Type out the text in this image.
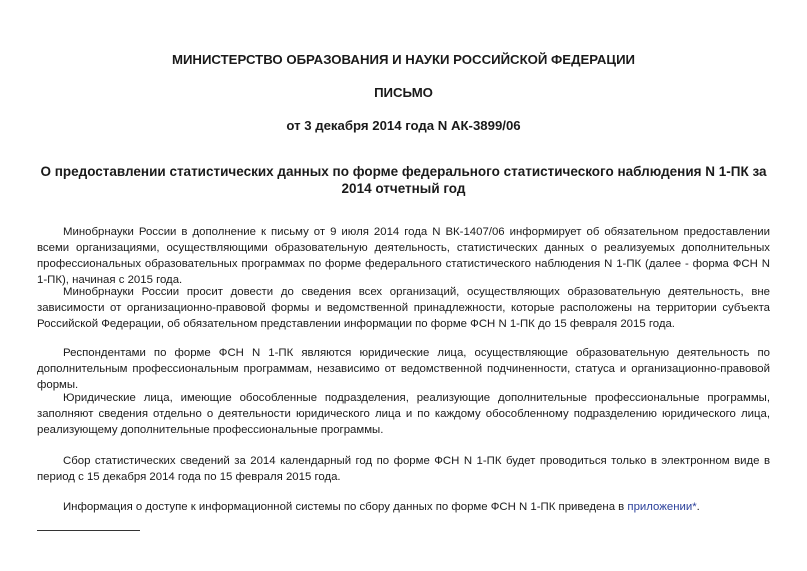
МИНИСТЕРСТВО ОБРАЗОВАНИЯ И НАУКИ РОССИЙСКОЙ ФЕДЕРАЦИИ
ПИСЬМО
от 3 декабря 2014 года N АК-3899/06
О предоставлении статистических данных по форме федерального статистического наблюдения N 1-ПК за 2014 отчетный год

Минобрнауки России в дополнение к письму от 9 июля 2014 года N ВК-1407/06 информирует об обязательном предоставлении всеми организациями, осуществляющими образовательную деятельность, статистических данных о реализуемых дополнительных профессиональных образовательных программах по форме федерального статистического наблюдения N 1-ПК (далее - форма ФСН N 1-ПК), начиная с 2015 года.

Минобрнауки России просит довести до сведения всех организаций, осуществляющих образовательную деятельность, вне зависимости от организационно-правовой формы и ведомственной принадлежности, которые расположены на территории субъекта Российской Федерации, об обязательном представлении информации по форме ФСН N 1-ПК до 15 февраля 2015 года.

Респондентами по форме ФСН N 1-ПК являются юридические лица, осуществляющие образовательную деятельность по дополнительным профессиональным программам, независимо от ведомственной подчиненности, статуса и организационно-правовой формы.

Юридические лица, имеющие обособленные подразделения, реализующие дополнительные профессиональные программы, заполняют сведения отдельно о деятельности юридического лица и по каждому обособленному подразделению юридического лица, реализующему дополнительные профессиональные программы.

Сбор статистических сведений за 2014 календарный год по форме ФСН N 1-ПК будет проводиться только в электронном виде в период с 15 декабря 2014 года по 15 февраля 2015 года.

Информация о доступе к информационной системы по сбору данных по форме ФСН N 1-ПК приведена в приложении*.
